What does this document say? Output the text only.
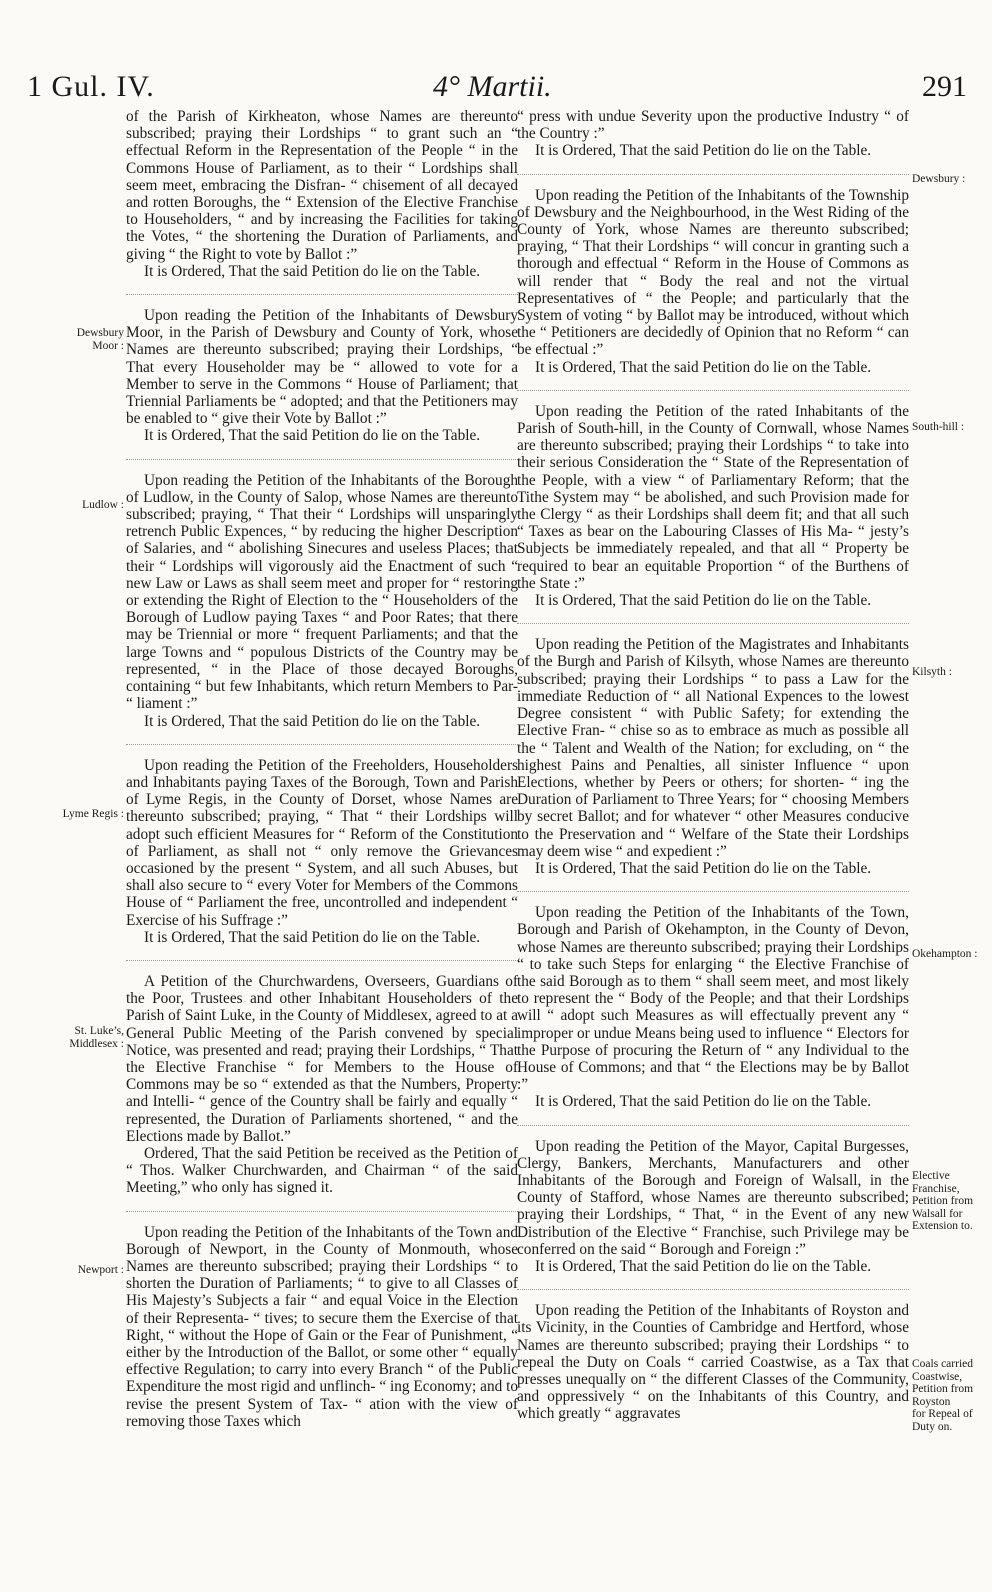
1 Gul. IV.	4° Martii.	291

of the Parish of Kirkheaton, whose Names are thereunto subscribed; praying their Lordships “ to grant such an “ effectual Reform in the Representation of the People “ in the Commons House of Parliament, as to their “ Lordships shall seem meet, embracing the Disfran- “ chisement of all decayed and rotten Boroughs, the “ Extension of the Elective Franchise to Householders, “ and by increasing the Facilities for taking the Votes, “ the shortening the Duration of Parliaments, and giving “ the Right to vote by Ballot :”

It is Ordered, That the said Petition do lie on the Table.

Upon reading the Petition of the Inhabitants of Dewsbury Moor, in the Parish of Dewsbury and County of York, whose Names are thereunto subscribed; praying their Lordships, “ That every Householder may be “ allowed to vote for a Member to serve in the Commons “ House of Parliament; that Triennial Parliaments be “ adopted; and that the Petitioners may be enabled to “ give their Vote by Ballot :”

It is Ordered, That the said Petition do lie on the Table.

Upon reading the Petition of the Inhabitants of the Borough of Ludlow, in the County of Salop, whose Names are thereunto subscribed; praying, “ That their “ Lordships will unsparingly retrench Public Expences, “ by reducing the higher Description of Salaries, and “ abolishing Sinecures and useless Places; that their “ Lordships will vigorously aid the Enactment of such “ new Law or Laws as shall seem meet and proper for “ restoring or extending the Right of Election to the “ Householders of the Borough of Ludlow paying Taxes “ and Poor Rates; that there may be Triennial or more “ frequent Parliaments; and that the large Towns and “ populous Districts of the Country may be represented, “ in the Place of those decayed Boroughs, containing “ but few Inhabitants, which return Members to Par- “ liament :”

It is Ordered, That the said Petition do lie on the Table.

Upon reading the Petition of the Freeholders, Householders and Inhabitants paying Taxes of the Borough, Town and Parish of Lyme Regis, in the County of Dorset, whose Names are thereunto subscribed; praying, “ That “ their Lordships will adopt such efficient Measures for “ Reform of the Constitution of Parliament, as shall not “ only remove the Grievances occasioned by the present “ System, and all such Abuses, but shall also secure to “ every Voter for Members of the Commons House of “ Parliament the free, uncontrolled and independent “ Exercise of his Suffrage :”

It is Ordered, That the said Petition do lie on the Table.

A Petition of the Churchwardens, Overseers, Guardians of the Poor, Trustees and other Inhabitant Householders of the Parish of Saint Luke, in the County of Middlesex, agreed to at a General Public Meeting of the Parish convened by special Notice, was presented and read; praying their Lordships, “ That the Elective Franchise “ for Members to the House of Commons may be so “ extended as that the Numbers, Property and Intelli- “ gence of the Country shall be fairly and equally “ represented, the Duration of Parliaments shortened, “ and the Elections made by Ballot.”

Ordered, That the said Petition be received as the Petition of “ Thos. Walker Churchwarden, and Chairman “ of the said Meeting,” who only has signed it.

Upon reading the Petition of the Inhabitants of the Town and Borough of Newport, in the County of Monmouth, whose Names are thereunto subscribed; praying their Lordships “ to shorten the Duration of Parliaments; “ to give to all Classes of His Majesty’s Subjects a fair “ and equal Voice in the Election of their Representa- “ tives; to secure them the Exercise of that Right, “ without the Hope of Gain or the Fear of Punishment, “ either by the Introduction of the Ballot, or some other “ equally effective Regulation; to carry into every Branch “ of the Public Expenditure the most rigid and unflinch- “ ing Economy; and to revise the present System of Tax- “ ation with the view of removing those Taxes which

“ press with undue Severity upon the productive Industry “ of the Country :”

It is Ordered, That the said Petition do lie on the Table.

Upon reading the Petition of the Inhabitants of the Township of Dewsbury and the Neighbourhood, in the West Riding of the County of York, whose Names are thereunto subscribed; praying, “ That their Lordships “ will concur in granting such a thorough and effectual “ Reform in the House of Commons as will render that “ Body the real and not the virtual Representatives of “ the People; and particularly that the System of voting “ by Ballot may be introduced, without which the “ Petitioners are decidedly of Opinion that no Reform “ can be effectual :”

It is Ordered, That the said Petition do lie on the Table.

Upon reading the Petition of the rated Inhabitants of the Parish of South-hill, in the County of Cornwall, whose Names are thereunto subscribed; praying their Lordships “ to take into their serious Consideration the “ State of the Representation of the People, with a view “ of Parliamentary Reform; that the Tithe System may “ be abolished, and such Provision made for the Clergy “ as their Lordships shall deem fit; and that all such “ Taxes as bear on the Labouring Classes of His Ma- “ jesty’s Subjects be immediately repealed, and that all “ Property be required to bear an equitable Proportion “ of the Burthens of the State :”

It is Ordered, That the said Petition do lie on the Table.

Upon reading the Petition of the Magistrates and Inhabitants of the Burgh and Parish of Kilsyth, whose Names are thereunto subscribed; praying their Lordships “ to pass a Law for the immediate Reduction of “ all National Expences to the lowest Degree consistent “ with Public Safety; for extending the Elective Fran- “ chise so as to embrace as much as possible all the “ Talent and Wealth of the Nation; for excluding, on “ the highest Pains and Penalties, all sinister Influence “ upon Elections, whether by Peers or others; for shorten- “ ing the Duration of Parliament to Three Years; for “ choosing Members by secret Ballot; and for whatever “ other Measures conducive to the Preservation and “ Welfare of the State their Lordships may deem wise “ and expedient :”

It is Ordered, That the said Petition do lie on the Table.

Upon reading the Petition of the Inhabitants of the Town, Borough and Parish of Okehampton, in the County of Devon, whose Names are thereunto subscribed; praying their Lordships “ to take such Steps for enlarging “ the Elective Franchise of the said Borough as to them “ shall seem meet, and most likely to represent the “ Body of the People; and that their Lordships will “ adopt such Measures as will effectually prevent any “ improper or undue Means being used to influence “ Electors for the Purpose of procuring the Return of “ any Individual to the House of Commons; and that “ the Elections may be by Ballot :”

It is Ordered, That the said Petition do lie on the Table.

Upon reading the Petition of the Mayor, Capital Burgesses, Clergy, Bankers, Merchants, Manufacturers and other Inhabitants of the Borough and Foreign of Walsall, in the County of Stafford, whose Names are thereunto subscribed; praying their Lordships, “ That, “ in the Event of any new Distribution of the Elective “ Franchise, such Privilege may be conferred on the said “ Borough and Foreign :”

It is Ordered, That the said Petition do lie on the Table.

Upon reading the Petition of the Inhabitants of Royston and its Vicinity, in the Counties of Cambridge and Hertford, whose Names are thereunto subscribed; praying their Lordships “ to repeal the Duty on Coals “ carried Coastwise, as a Tax that presses unequally on “ the different Classes of the Community, and oppressively “ on the Inhabitants of this Country, and which greatly “ aggravates

Dewsbury
Moor :
Ludlow :
Lyme Regis :
St. Luke’s,
Middlesex :
Newport :
Dewsbury :
South-hill :
Kilsyth :
Okehampton :
Elective
Franchise,
Petition from
Walsall for
Extension to.
Coals carried
Coastwise,
Petition from
Royston
for Repeal of
Duty on.
